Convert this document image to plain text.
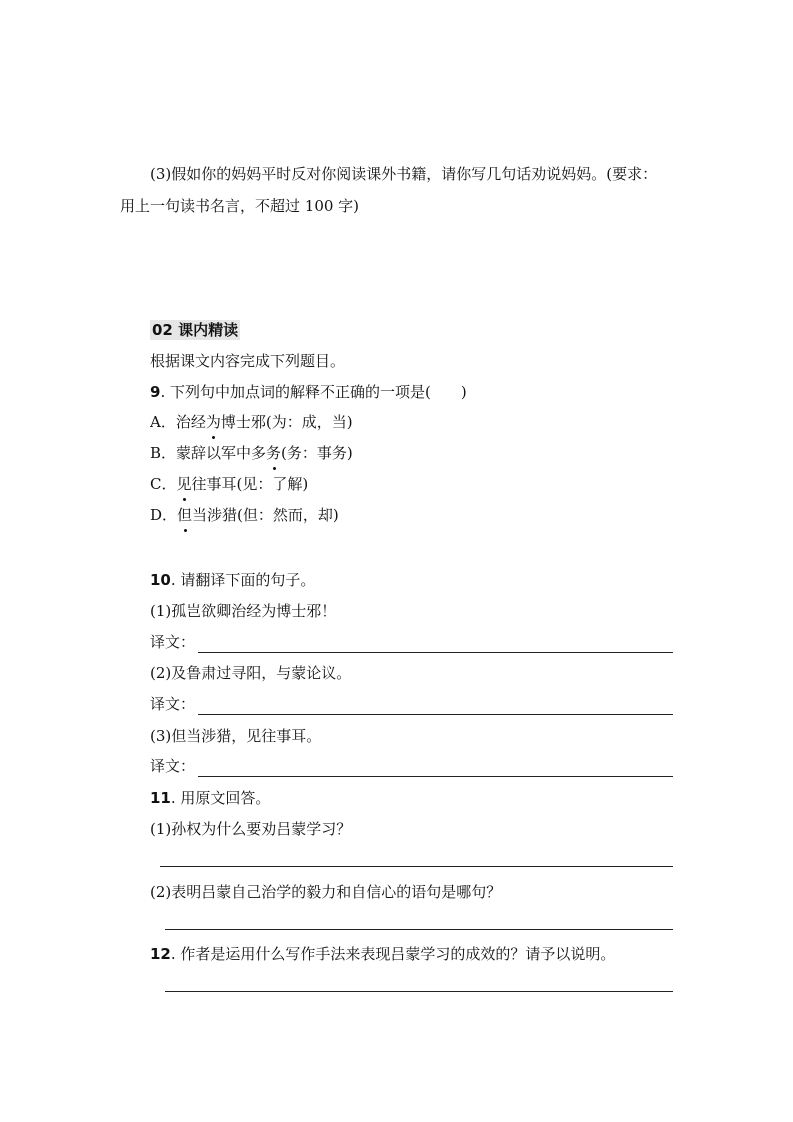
(3)假如你的妈妈平时反对你阅读课外书籍，请你写几句话劝说妈妈。(要求：
用上一句读书名言，不超过 100 字)
02 课内精读
根据课文内容完成下列题目。
9. 下列句中加点词的解释不正确的一项是(　　)
A．治经为博士邪(为：成，当)
B．蒙辞以军中多务(务：事务)
C．见往事耳(见：了解)
D．但当涉猎(但：然而，却)
10. 请翻译下面的句子。
(1)孤岂欲卿治经为博士邪！
译文：
(2)及鲁肃过寻阳，与蒙论议。
译文：
(3)但当涉猎，见往事耳。
译文：
11. 用原文回答。
(1)孙权为什么要劝吕蒙学习？
(2)表明吕蒙自己治学的毅力和自信心的语句是哪句？
12. 作者是运用什么写作手法来表现吕蒙学习的成效的？请予以说明。
